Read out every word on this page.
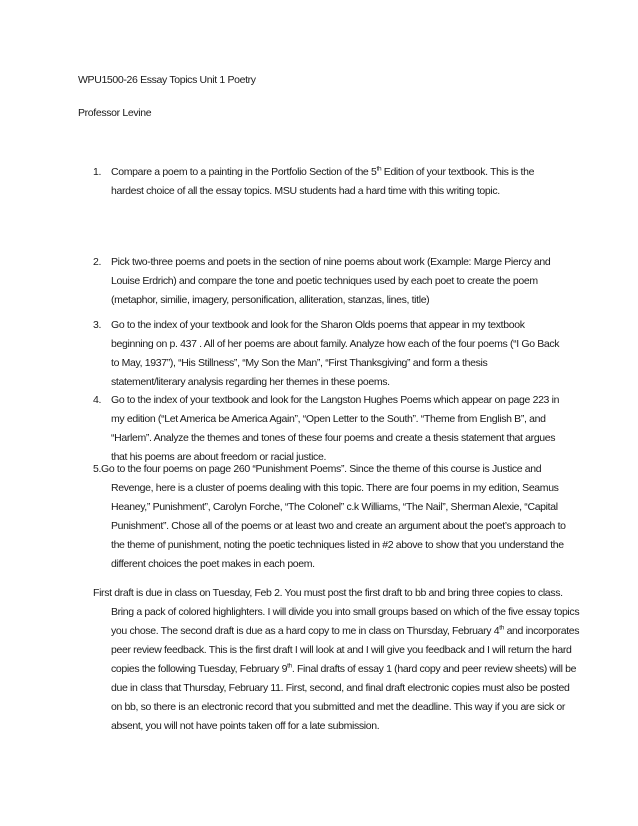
WPU1500-26 Essay Topics Unit 1 Poetry

Professor Levine

1. Compare a poem to a painting in the Portfolio Section of the 5th Edition of your textbook. This is the hardest choice of all the essay topics. MSU students had a hard time with this writing topic.

2. Pick two-three poems and poets in the section of nine poems about work (Example: Marge Piercy and Louise Erdrich) and compare the tone and poetic techniques used by each poet to create the poem (metaphor, similie, imagery, personification, alliteration, stanzas, lines, title)

3. Go to the index of your textbook and look for the Sharon Olds poems that appear in my textbook beginning on p. 437 . All of her poems are about family. Analyze how each of the four poems (“I Go Back to May, 1937”), “His Stillness”, “My Son the Man”, “First Thanksgiving” and form a thesis statement/literary analysis regarding her themes in these poems.

4. Go to the index of your textbook and look for the Langston Hughes Poems which appear on page 223 in my edition (“Let America be America Again”, “Open Letter to the South”. “Theme from English B”, and “Harlem”. Analyze the themes and tones of these four poems and create a thesis statement that argues that his poems are about freedom or racial justice.

5.Go to the four poems on page 260 “Punishment Poems”. Since the theme of this course is Justice and Revenge, here is a cluster of poems dealing with this topic. There are four poems in my edition, Seamus Heaney,” Punishment”, Carolyn Forche, “The Colonel” c.k Williams, “The Nail”, Sherman Alexie, “Capital Punishment”. Chose all of the poems or at least two and create an argument about the poet’s approach to the theme of punishment, noting the poetic techniques listed in #2 above to show that you understand the different choices the poet makes in each poem.

First draft is due in class on Tuesday, Feb 2. You must post the first draft to bb and bring three copies to class. Bring a pack of colored highlighters. I will divide you into small groups based on which of the five essay topics you chose. The second draft is due as a hard copy to me in class on Thursday, February 4th and incorporates peer review feedback. This is the first draft I will look at and I will give you feedback and I will return the hard copies the following Tuesday, February 9th. Final drafts of essay 1 (hard copy and peer review sheets) will be due in class that Thursday, February 11. First, second, and final draft electronic copies must also be posted on bb, so there is an electronic record that you submitted and met the deadline. This way if you are sick or absent, you will not have points taken off for a late submission.
